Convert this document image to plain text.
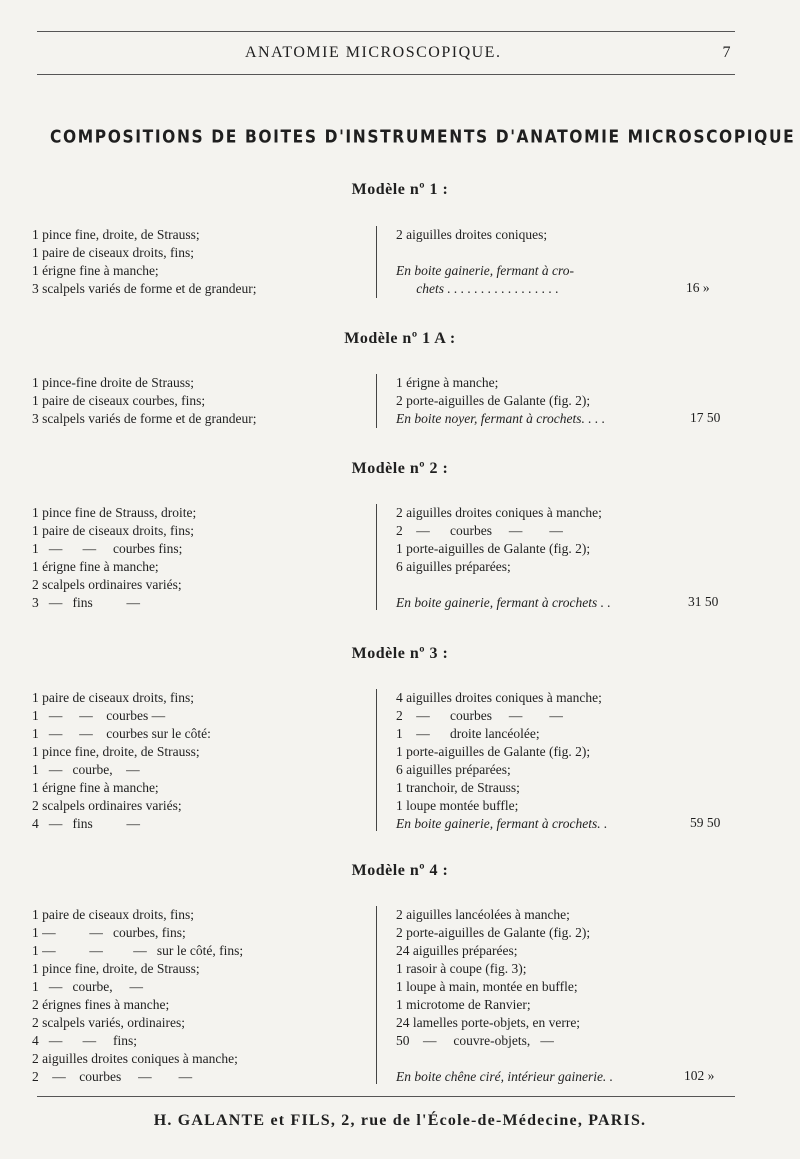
ANATOMIE MICROSCOPIQUE.	7
COMPOSITIONS DE BOITES D'INSTRUMENTS D'ANATOMIE MICROSCOPIQUE
Modèle nº 1 :
1 pince fine, droite, de Strauss;
1 paire de ciseaux droits, fins;
1 érigne fine à manche;
3 scalpels variés de forme et de grandeur;
2 aiguilles droites coniques;
En boite gainerie, fermant à cro-
chets . . . . . . . . . . . . . . . . .	16 »
Modèle nº 1 A :
1 pince-fine droite de Strauss;
1 paire de ciseaux courbes, fins;
3 scalpels variés de forme et de grandeur;
1 érigne à manche;
2 porte-aiguilles de Galante (fig. 2);
En boite noyer, fermant à crochets. . . .	17 50
Modèle nº 2 :
1 pince fine de Strauss, droite;
1 paire de ciseaux droits, fins;
1   —      —     courbes fins;
1 érigne fine à manche;
2 scalpels ordinaires variés;
3   —   fins          —
2 aiguilles droites coniques à manche;
2    —      courbes     —        —
1 porte-aiguilles de Galante (fig. 2);
6 aiguilles préparées;
En boite gainerie, fermant à crochets . .	31 50
Modèle nº 3 :
1 paire de ciseaux droits, fins;
1   —     —    courbes —
1   —     —    courbes sur le côté:
1 pince fine, droite, de Strauss;
1   —   courbe,    —
1 érigne fine à manche;
2 scalpels ordinaires variés;
4   —   fins          —
4 aiguilles droites coniques à manche;
2    —      courbes     —        —
1    —      droite lancéolée;
1 porte-aiguilles de Galante (fig. 2);
6 aiguilles préparées;
1 tranchoir, de Strauss;
1 loupe montée buffle;
En boite gainerie, fermant à crochets. .	59 50
Modèle nº 4 :
1 paire de ciseaux droits, fins;
1 —          —   courbes, fins;
1 —          —         —   sur le côté, fins;
1 pince fine, droite, de Strauss;
1   —   courbe,     —
2 érignes fines à manche;
2 scalpels variés, ordinaires;
4   —      —     fins;
2 aiguilles droites coniques à manche;
2    —    courbes     —        —
2 aiguilles lancéolées à manche;
2 porte-aiguilles de Galante (fig. 2);
24 aiguilles préparées;
1 rasoir à coupe (fig. 3);
1 loupe à main, montée en buffle;
1 microtome de Ranvier;
24 lamelles porte-objets, en verre;
50    —     couvre-objets,   —
En boite chêne ciré, intérieur gainerie. .	102 »
H. GALANTE et FILS, 2, rue de l'École-de-Médecine, PARIS.
